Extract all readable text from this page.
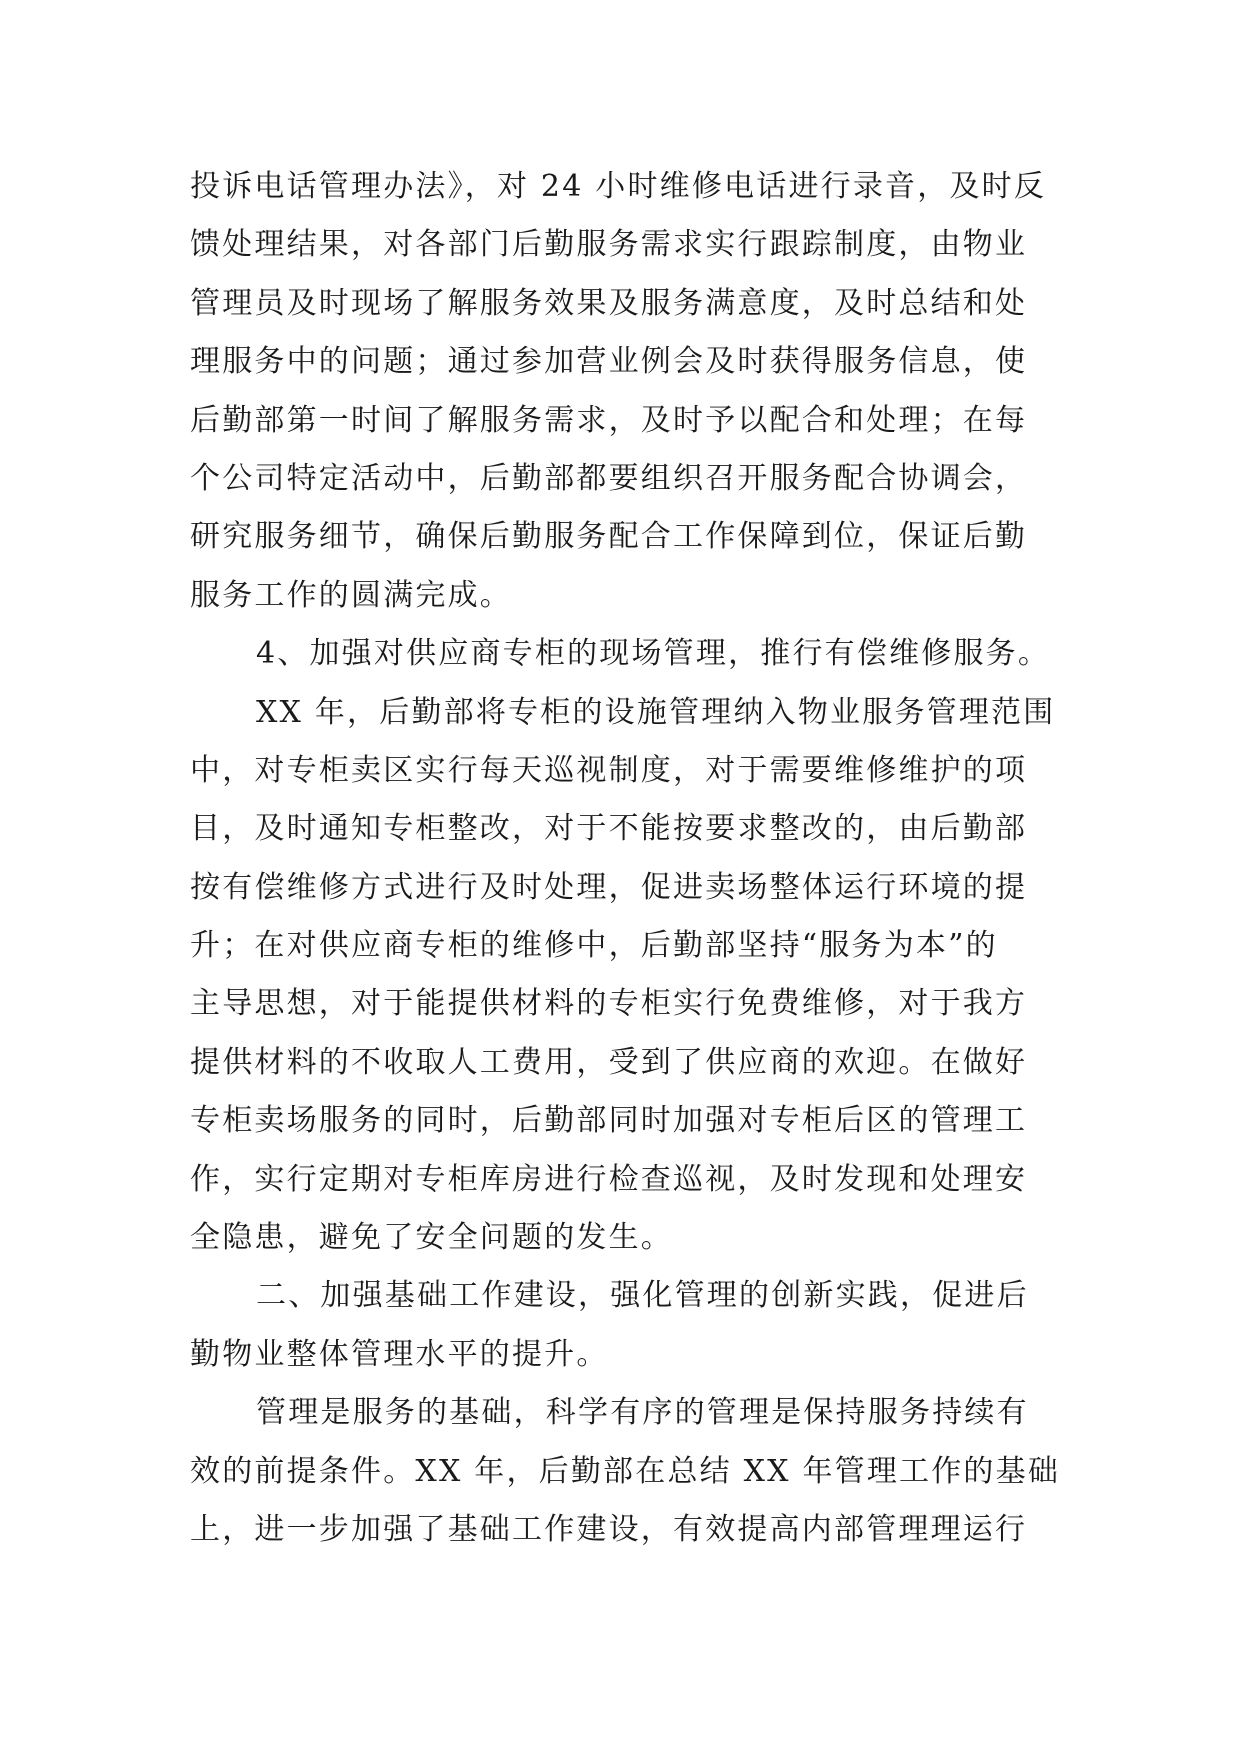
投诉电话管理办法》，对 24 小时维修电话进行录音，及时反
馈处理结果，对各部门后勤服务需求实行跟踪制度，由物业
管理员及时现场了解服务效果及服务满意度，及时总结和处
理服务中的问题；通过参加营业例会及时获得服务信息，使
后勤部第一时间了解服务需求，及时予以配合和处理；在每
个公司特定活动中，后勤部都要组织召开服务配合协调会，
研究服务细节，确保后勤服务配合工作保障到位，保证后勤
服务工作的圆满完成。
4、加强对供应商专柜的现场管理，推行有偿维修服务。
XX 年，后勤部将专柜的设施管理纳入物业服务管理范围
中，对专柜卖区实行每天巡视制度，对于需要维修维护的项
目，及时通知专柜整改，对于不能按要求整改的，由后勤部
按有偿维修方式进行及时处理，促进卖场整体运行环境的提
升；在对供应商专柜的维修中，后勤部坚持“服务为本”的
主导思想，对于能提供材料的专柜实行免费维修，对于我方
提供材料的不收取人工费用，受到了供应商的欢迎。在做好
专柜卖场服务的同时，后勤部同时加强对专柜后区的管理工
作，实行定期对专柜库房进行检查巡视，及时发现和处理安
全隐患，避免了安全问题的发生。
二、加强基础工作建设，强化管理的创新实践，促进后
勤物业整体管理水平的提升。
管理是服务的基础，科学有序的管理是保持服务持续有
效的前提条件。XX 年，后勤部在总结 XX 年管理工作的基础
上，进一步加强了基础工作建设，有效提高内部管理理运行
